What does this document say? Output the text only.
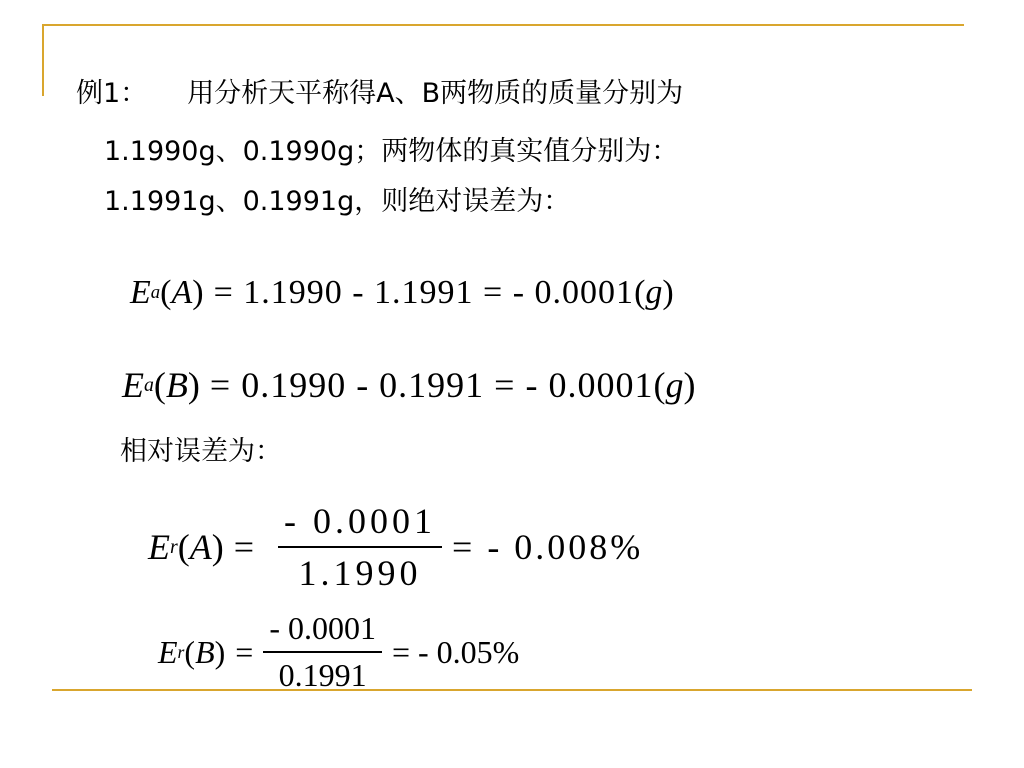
例1： 用分析天平称得A、B两物质的质量分别为
1.1990g、0.1990g；两物体的真实值分别为：
1.1991g、0.1991g，则绝对误差为：
E a ( A ) = 1.1990 - 1.1991 = - 0.0001 ( g )
E a ( B ) = 0.1990 - 0.1991 = - 0.0001 ( g )
相对误差为：
E r ( A ) = $\frac{- 0.0001}{1.1990}$ = - 0.008%
E r ( B ) = $\frac{- 0.0001}{0.1991}$ = - 0.05%
